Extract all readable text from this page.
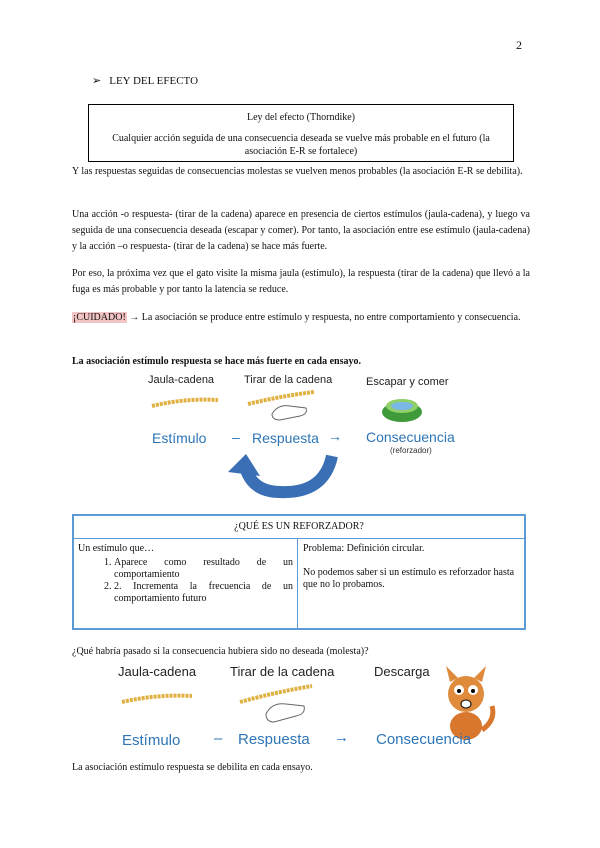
2
➢ LEY DEL EFECTO
Ley del efecto (Thorndike)
Cualquier acción seguida de una consecuencia deseada se vuelve más probable en el futuro (la asociación E-R se fortalece)
Y las respuestas seguidas de consecuencias molestas se vuelven menos probables (la asociación E-R se debilita).
Una acción -o respuesta- (tirar de la cadena) aparece en presencia de ciertos estímulos (jaula-cadena), y luego va seguida de una consecuencia deseada (escapar y comer). Por tanto, la asociación entre ese estímulo (jaula-cadena) y la acción –o respuesta- (tirar de la cadena) se hace más fuerte.
Por eso, la próxima vez que el gato visite la misma jaula (estímulo), la respuesta (tirar de la cadena) que llevó a la fuga es más probable y por tanto la latencia se reduce.
¡CUIDADO! → La asociación se produce entre estímulo y respuesta, no entre comportamiento y consecuencia.
La asociación estímulo respuesta se hace más fuerte en cada ensayo.
Jaula-cadena	Tirar de la cadena	Escapar y comer
Estímulo – Respuesta → Consecuencia
(reforzador)
¿QUÉ ES UN REFORZADOR?
Un estímulo que…
1. Aparece como resultado de un comportamiento
2. 2. Incrementa la frecuencia de un comportamiento futuro
Problema: Definición circular.
No podemos saber si un estímulo es reforzador hasta que no lo probamos.
¿Qué habría pasado si la consecuencia hubiera sido no deseada (molesta)?
Jaula-cadena	Tirar de la cadena	Descarga
Estímulo – Respuesta → Consecuencia
La asociación estímulo respuesta se debilita en cada ensayo.
